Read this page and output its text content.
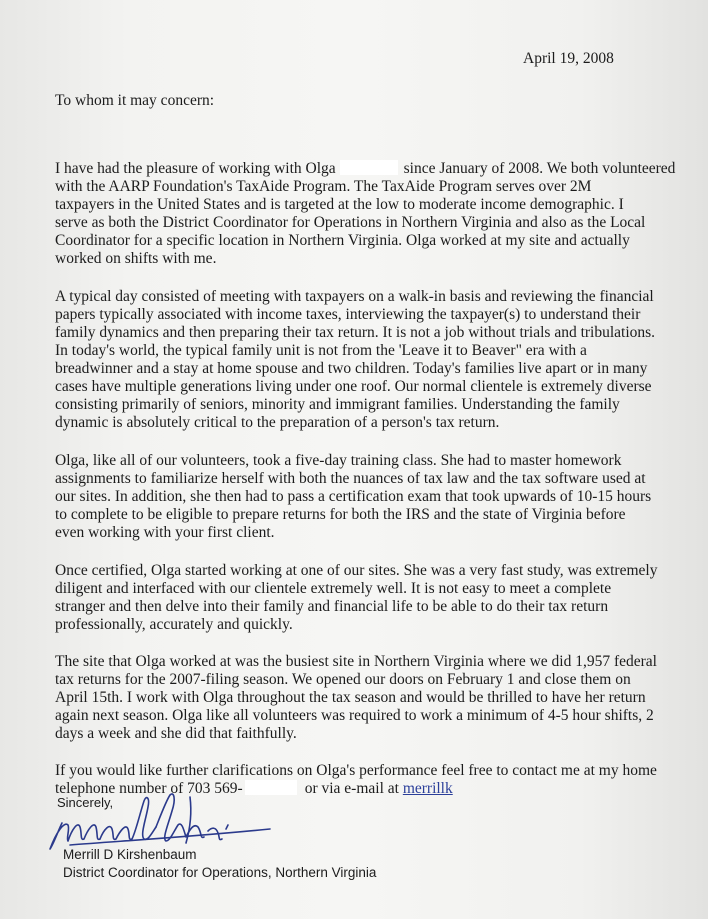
April 19, 2008
To whom it may concern:
I have had the pleasure of working with Olga	since January of 2008. We both volunteered
with the AARP Foundation's TaxAide Program. The TaxAide Program serves over 2M
taxpayers in the United States and is targeted at the low to moderate income demographic. I
serve as both the District Coordinator for Operations in Northern Virginia and also as the Local
Coordinator for a specific location in Northern Virginia. Olga worked at my site and actually
worked on shifts with me.
A typical day consisted of meeting with taxpayers on a walk-in basis and reviewing the financial
papers typically associated with income taxes, interviewing the taxpayer(s) to understand their
family dynamics and then preparing their tax return. It is not a job without trials and tribulations.
In today's world, the typical family unit is not from the 'Leave it to Beaver" era with a
breadwinner and a stay at home spouse and two children. Today's families live apart or in many
cases have multiple generations living under one roof. Our normal clientele is extremely diverse
consisting primarily of seniors, minority and immigrant families. Understanding the family
dynamic is absolutely critical to the preparation of a person's tax return.
Olga, like all of our volunteers, took a five-day training class. She had to master homework
assignments to familiarize herself with both the nuances of tax law and the tax software used at
our sites. In addition, she then had to pass a certification exam that took upwards of 10-15 hours
to complete to be eligible to prepare returns for both the IRS and the state of Virginia before
even working with your first client.
Once certified, Olga started working at one of our sites. She was a very fast study, was extremely
diligent and interfaced with our clientele extremely well. It is not easy to meet a complete
stranger and then delve into their family and financial life to be able to do their tax return
professionally, accurately and quickly.
The site that Olga worked at was the busiest site in Northern Virginia where we did 1,957 federal
tax returns for the 2007-filing season. We opened our doors on February 1 and close them on
April 15th. I work with Olga throughout the tax season and would be thrilled to have her return
again next season. Olga like all volunteers was required to work a minimum of 4-5 hour shifts, 2
days a week and she did that faithfully.
If you would like further clarifications on Olga's performance feel free to contact me at my home
telephone number of 703 569-	or via e-mail at merrillk
Sincerely,
Merrill D Kirshenbaum
District Coordinator for Operations, Northern Virginia
